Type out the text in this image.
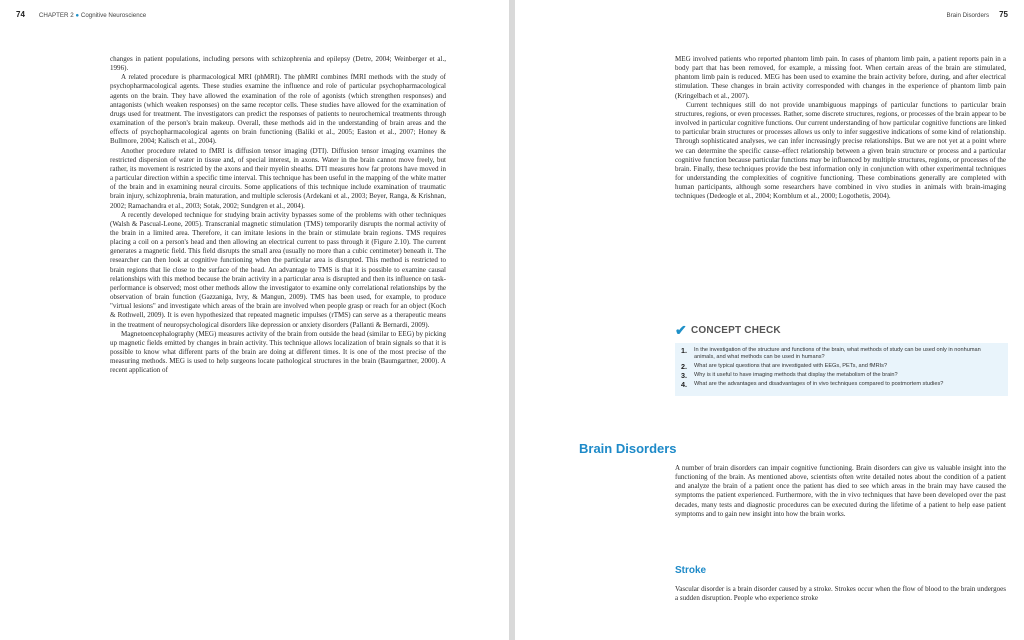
74 CHAPTER 2 ● Cognitive Neuroscience

changes in patient populations, including persons with schizophrenia and epilepsy (Detre, 2004; Weinberger et al., 1996).

A related procedure is pharmacological MRI (phMRI). The phMRI combines fMRI methods with the study of psychopharmacological agents. These studies examine the influence and role of particular psychopharmacological agents on the brain. They have allowed the examination of the role of agonists (which strengthen responses) and antagonists (which weaken responses) on the same receptor cells. These studies have allowed for the examination of drugs used for treatment. The investigators can predict the responses of patients to neurochemical treatments through examination of the person's brain makeup. Overall, these methods aid in the understanding of brain areas and the effects of psychopharmacological agents on brain functioning (Baliki et al., 2005; Easton et al., 2007; Honey & Bullmore, 2004; Kalisch et al., 2004).

Another procedure related to fMRI is diffusion tensor imaging (DTI). Diffusion tensor imaging examines the restricted dispersion of water in tissue and, of special interest, in axons. Water in the brain cannot move freely, but rather, its movement is restricted by the axons and their myelin sheaths. DTI measures how far protons have moved in a particular direction within a specific time interval. This technique has been useful in the mapping of the white matter of the brain and in examining neural circuits. Some applications of this technique include examination of traumatic brain injury, schizophrenia, brain maturation, and multiple sclerosis (Ardekani et al., 2003; Beyer, Ranga, & Krishnan, 2002; Ramachandra et al., 2003; Sotak, 2002; Sundgren et al., 2004).

A recently developed technique for studying brain activity bypasses some of the problems with other techniques (Walsh & Pascual-Leone, 2005). Transcranial magnetic stimulation (TMS) temporarily disrupts the normal activity of the brain in a limited area. Therefore, it can imitate lesions in the brain or stimulate brain regions. TMS requires placing a coil on a person's head and then allowing an electrical current to pass through it (Figure 2.10). The current generates a magnetic field. This field disrupts the small area (usually no more than a cubic centimeter) beneath it. The researcher can then look at cognitive functioning when the particular area is disrupted. This method is restricted to brain regions that lie close to the surface of the head. An advantage to TMS is that it is possible to examine causal relationships with this method because the brain activity in a particular area is disrupted and then its influence on task-performance is observed; most other methods allow the investigator to examine only correlational relationships by the observation of brain function (Gazzaniga, Ivry, & Mangun, 2009). TMS has been used, for example, to produce "virtual lesions" and investigate which areas of the brain are involved when people grasp or reach for an object (Koch & Rothwell, 2009). It is even hypothesized that repeated magnetic impulses (rTMS) can serve as a therapeutic means in the treatment of neuropsychological disorders like depression or anxiety disorders (Pallanti & Bernardi, 2009).

Magnetoencephalography (MEG) measures activity of the brain from outside the head (similar to EEG) by picking up magnetic fields emitted by changes in brain activity. This technique allows localization of brain signals so that it is possible to know what different parts of the brain are doing at different times. It is one of the most precise of the measuring methods. MEG is used to help surgeons locate pathological structures in the brain (Baumgartner, 2000). A recent application of

Brain Disorders 75

MEG involved patients who reported phantom limb pain. In cases of phantom limb pain, a patient reports pain in a body part that has been removed, for example, a missing foot. When certain areas of the brain are stimulated, phantom limb pain is reduced. MEG has been used to examine the brain activity before, during, and after electrical stimulation. These changes in brain activity corresponded with changes in the experience of phantom limb pain (Kringelbach et al., 2007).

Current techniques still do not provide unambiguous mappings of particular functions to particular brain structures, regions, or even processes. Rather, some discrete structures, regions, or processes of the brain appear to be involved in particular cognitive functions. Our current understanding of how particular cognitive functions are linked to particular brain structures or processes allows us only to infer suggestive indications of some kind of relationship. Through sophisticated analyses, we can infer increasingly precise relationships. But we are not yet at a point where we can determine the specific cause–effect relationship between a given brain structure or process and a particular cognitive function because particular functions may be influenced by multiple structures, regions, or processes of the brain. Finally, these techniques provide the best information only in conjunction with other experimental techniques for understanding the complexities of cognitive functioning. These combinations generally are completed with human participants, although some researchers have combined in vivo studies in animals with brain-imaging techniques (Dedeogle et al., 2004; Kornblum et al., 2000; Logothetis, 2004).

✔ CONCEPT CHECK
1.	In the investigation of the structure and functions of the brain, what methods of study can be used only in nonhuman animals, and what methods can be used in humans?
2.	What are typical questions that are investigated with EEGs, PETs, and fMRIs?
3.	Why is it useful to have imaging methods that display the metabolism of the brain?
4.	What are the advantages and disadvantages of in vivo techniques compared to postmortem studies?
Brain Disorders

A number of brain disorders can impair cognitive functioning. Brain disorders can give us valuable insight into the functioning of the brain. As mentioned above, scientists often write detailed notes about the condition of a patient and analyze the brain of a patient once the patient has died to see which areas in the brain may have caused the symptoms the patient experienced. Furthermore, with the in vivo techniques that have been developed over the past decades, many tests and diagnostic procedures can be executed during the lifetime of a patient to help ease patient symptoms and to gain new insight into how the brain works.

Stroke

Vascular disorder is a brain disorder caused by a stroke. Strokes occur when the flow of blood to the brain undergoes a sudden disruption. People who experience stroke
